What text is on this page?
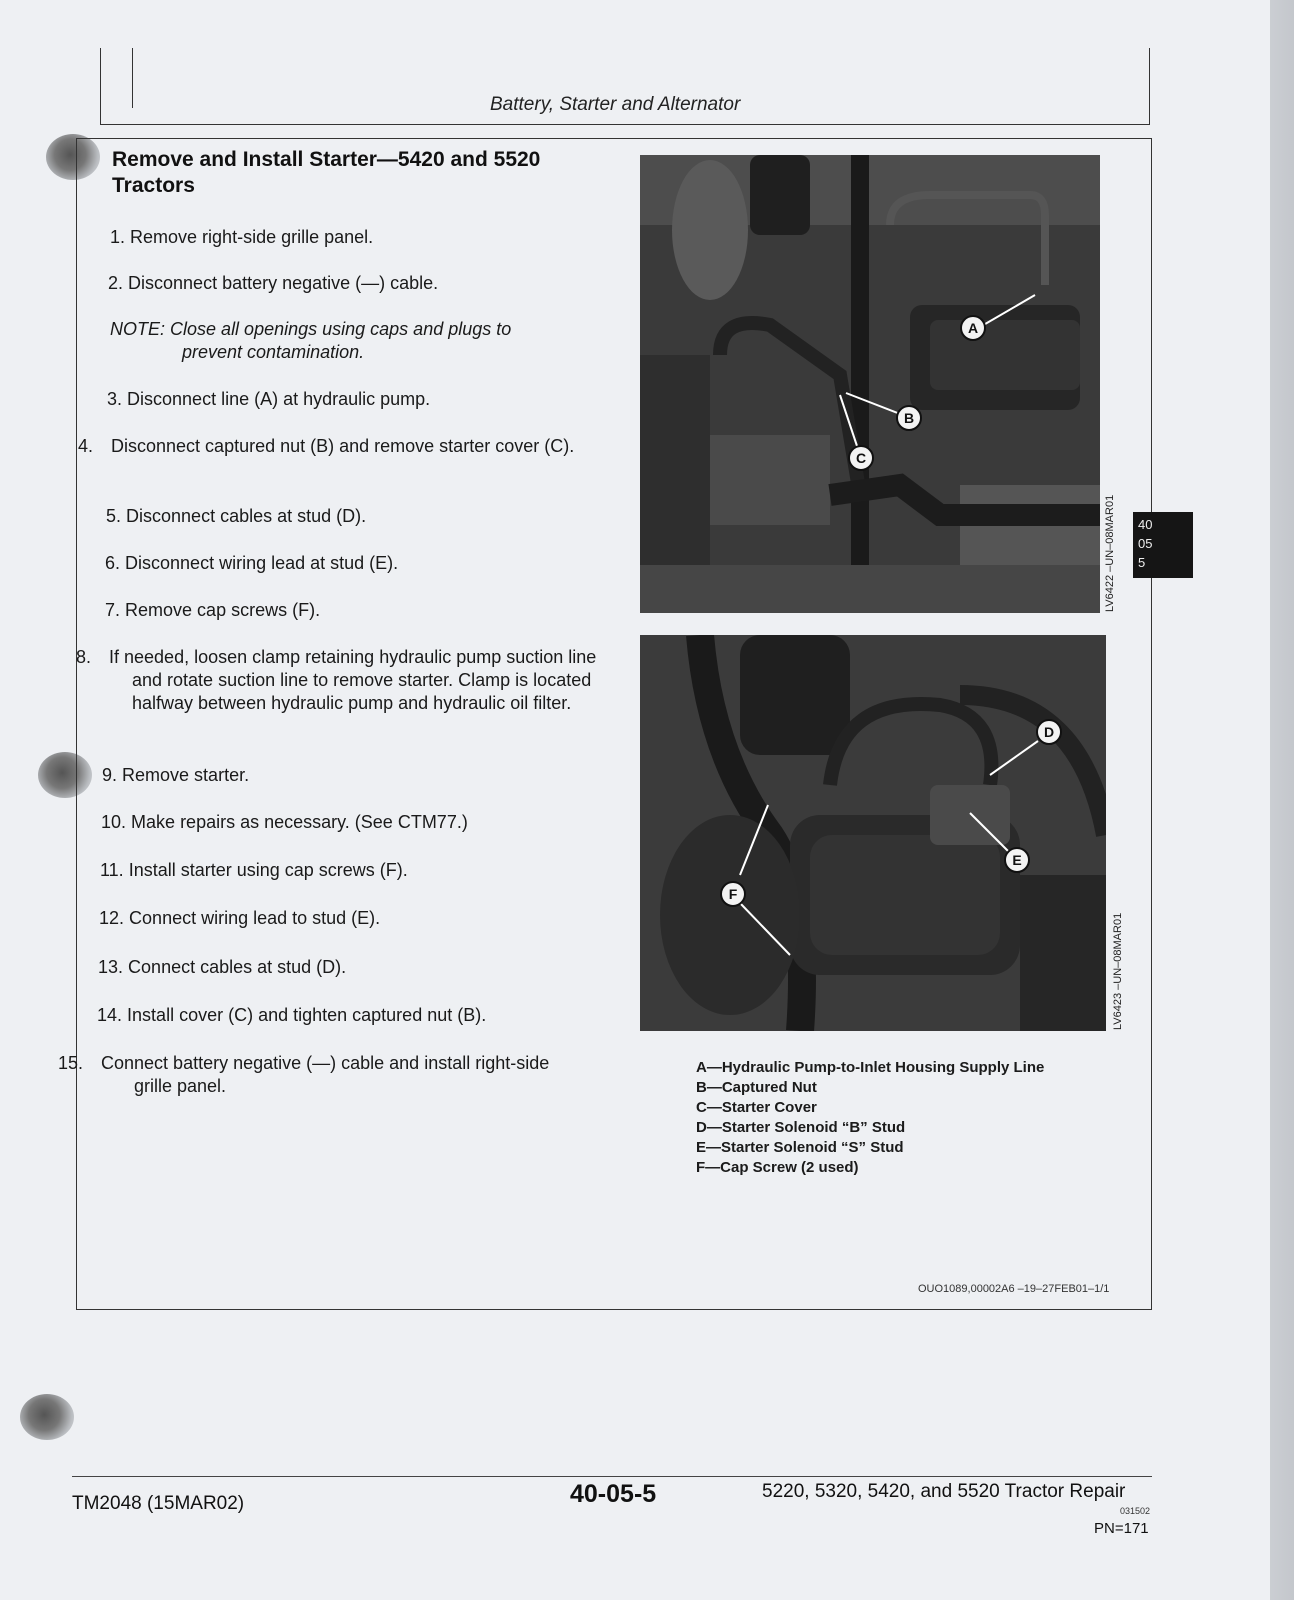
Battery, Starter and Alternator
Remove and Install Starter—5420 and 5520 Tractors
1. Remove right-side grille panel.
2. Disconnect battery negative (—) cable.
NOTE: Close all openings using caps and plugs to
prevent contamination.
3. Disconnect line (A) at hydraulic pump.
4. Disconnect captured nut (B) and remove starter cover (C).
5. Disconnect cables at stud (D).
6. Disconnect wiring lead at stud (E).
7. Remove cap screws (F).
8. If needed, loosen clamp retaining hydraulic pump suction line and rotate suction line to remove starter. Clamp is located halfway between hydraulic pump and hydraulic oil filter.
9. Remove starter.
10. Make repairs as necessary. (See CTM77.)
11. Install starter using cap screws (F).
12. Connect wiring lead to stud (E).
13. Connect cables at stud (D).
14. Install cover (C) and tighten captured nut (B).
15. Connect battery negative (—) cable and install right-side grille panel.
A
B
C
LV6422 –UN–08MAR01
D
E
F
LV6423 –UN–08MAR01
A—Hydraulic Pump-to-Inlet Housing Supply Line
B—Captured Nut
C—Starter Cover
D—Starter Solenoid “B” Stud
E—Starter Solenoid “S” Stud
F—Cap Screw (2 used)
40
05
5
OUO1089,00002A6 –19–27FEB01–1/1
TM2048 (15MAR02)	40-05-5	5220, 5320, 5420, and 5520 Tractor Repair
031502
PN=171
